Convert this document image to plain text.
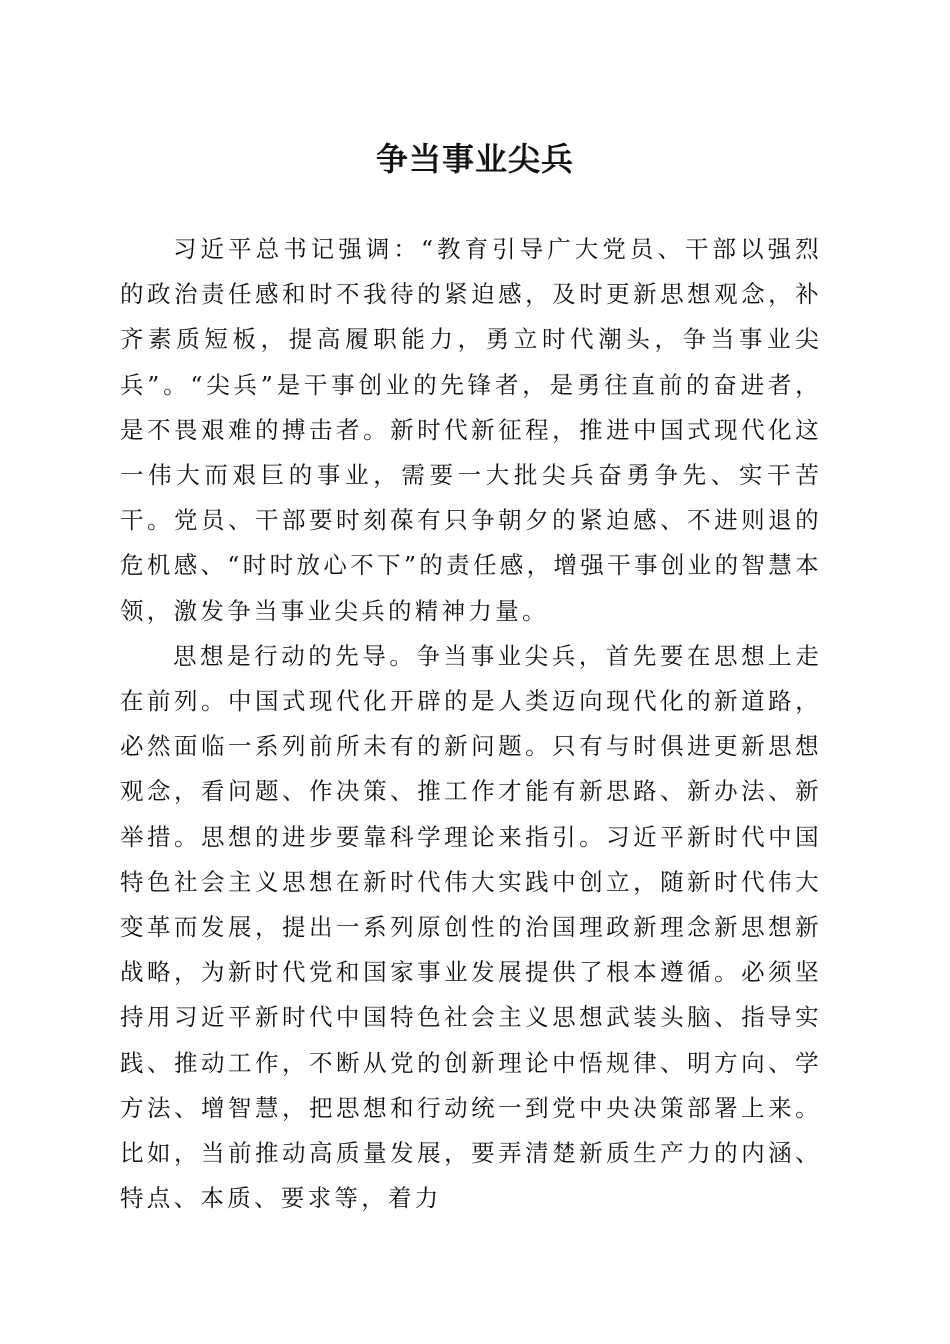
争当事业尖兵

习近平总书记强调：“教育引导广大党员、干部以强烈的政治责任感和时不我待的紧迫感，及时更新思想观念，补齐素质短板，提高履职能力，勇立时代潮头，争当事业尖兵”。“尖兵”是干事创业的先锋者，是勇往直前的奋进者，是不畏艰难的搏击者。新时代新征程，推进中国式现代化这一伟大而艰巨的事业，需要一大批尖兵奋勇争先、实干苦干。党员、干部要时刻葆有只争朝夕的紧迫感、不进则退的危机感、“时时放心不下”的责任感，增强干事创业的智慧本领，激发争当事业尖兵的精神力量。

思想是行动的先导。争当事业尖兵，首先要在思想上走在前列。中国式现代化开辟的是人类迈向现代化的新道路，必然面临一系列前所未有的新问题。只有与时俱进更新思想观念，看问题、作决策、推工作才能有新思路、新办法、新举措。思想的进步要靠科学理论来指引。习近平新时代中国特色社会主义思想在新时代伟大实践中创立，随新时代伟大变革而发展，提出一系列原创性的治国理政新理念新思想新战略，为新时代党和国家事业发展提供了根本遵循。必须坚持用习近平新时代中国特色社会主义思想武装头脑、指导实践、推动工作，不断从党的创新理论中悟规律、明方向、学方法、增智慧，把思想和行动统一到党中央决策部署上来。比如，当前推动高质量发展，要弄清楚新质生产力的内涵、特点、本质、要求等，着力
